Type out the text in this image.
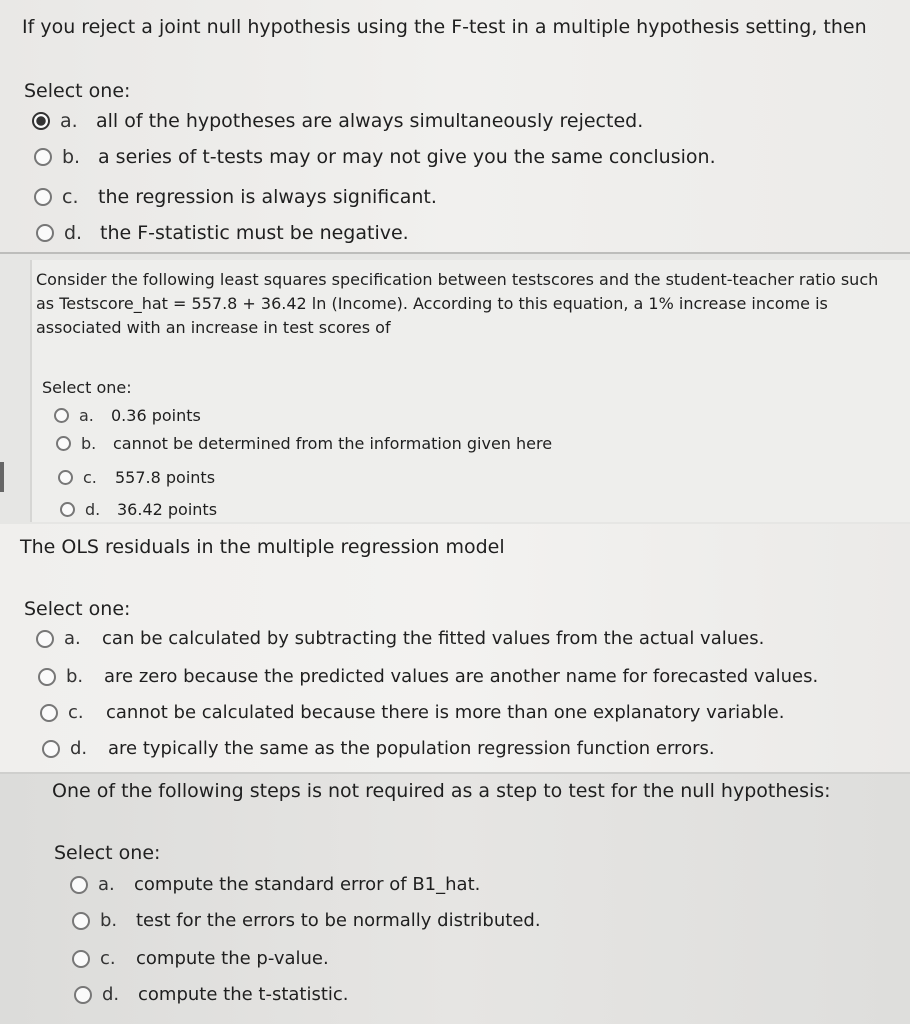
If you reject a joint null hypothesis using the F-test in a multiple hypothesis setting, then
Select one:
a. all of the hypotheses are always simultaneously rejected.
b. a series of t-tests may or may not give you the same conclusion.
c.	the regression is always significant.
d. the F-statistic must be negative.
Consider the following least squares specification between testscores and the student-teacher ratio such as Testscore_hat = 557.8 + 36.42 ln (Income). According to this equation, a 1% increase income is associated with an increase in test scores of
Select one:
a.	0.36 points
b.	cannot be determined from the information given here
c.	557.8 points
d.	36.42 points
The OLS residuals in the multiple regression model
Select one:
a.	can be calculated by subtracting the fitted values from the actual values.
b.	are zero because the predicted values are another name for forecasted values.
c.	cannot be calculated because there is more than one explanatory variable.
d.	are typically the same as the population regression function errors.
One of the following steps is not required as a step to test for the null hypothesis:
Select one:
a.	compute the standard error of B1_hat.
b.	test for the errors to be normally distributed.
c.	compute the p-value.
d.	compute the t-statistic.
